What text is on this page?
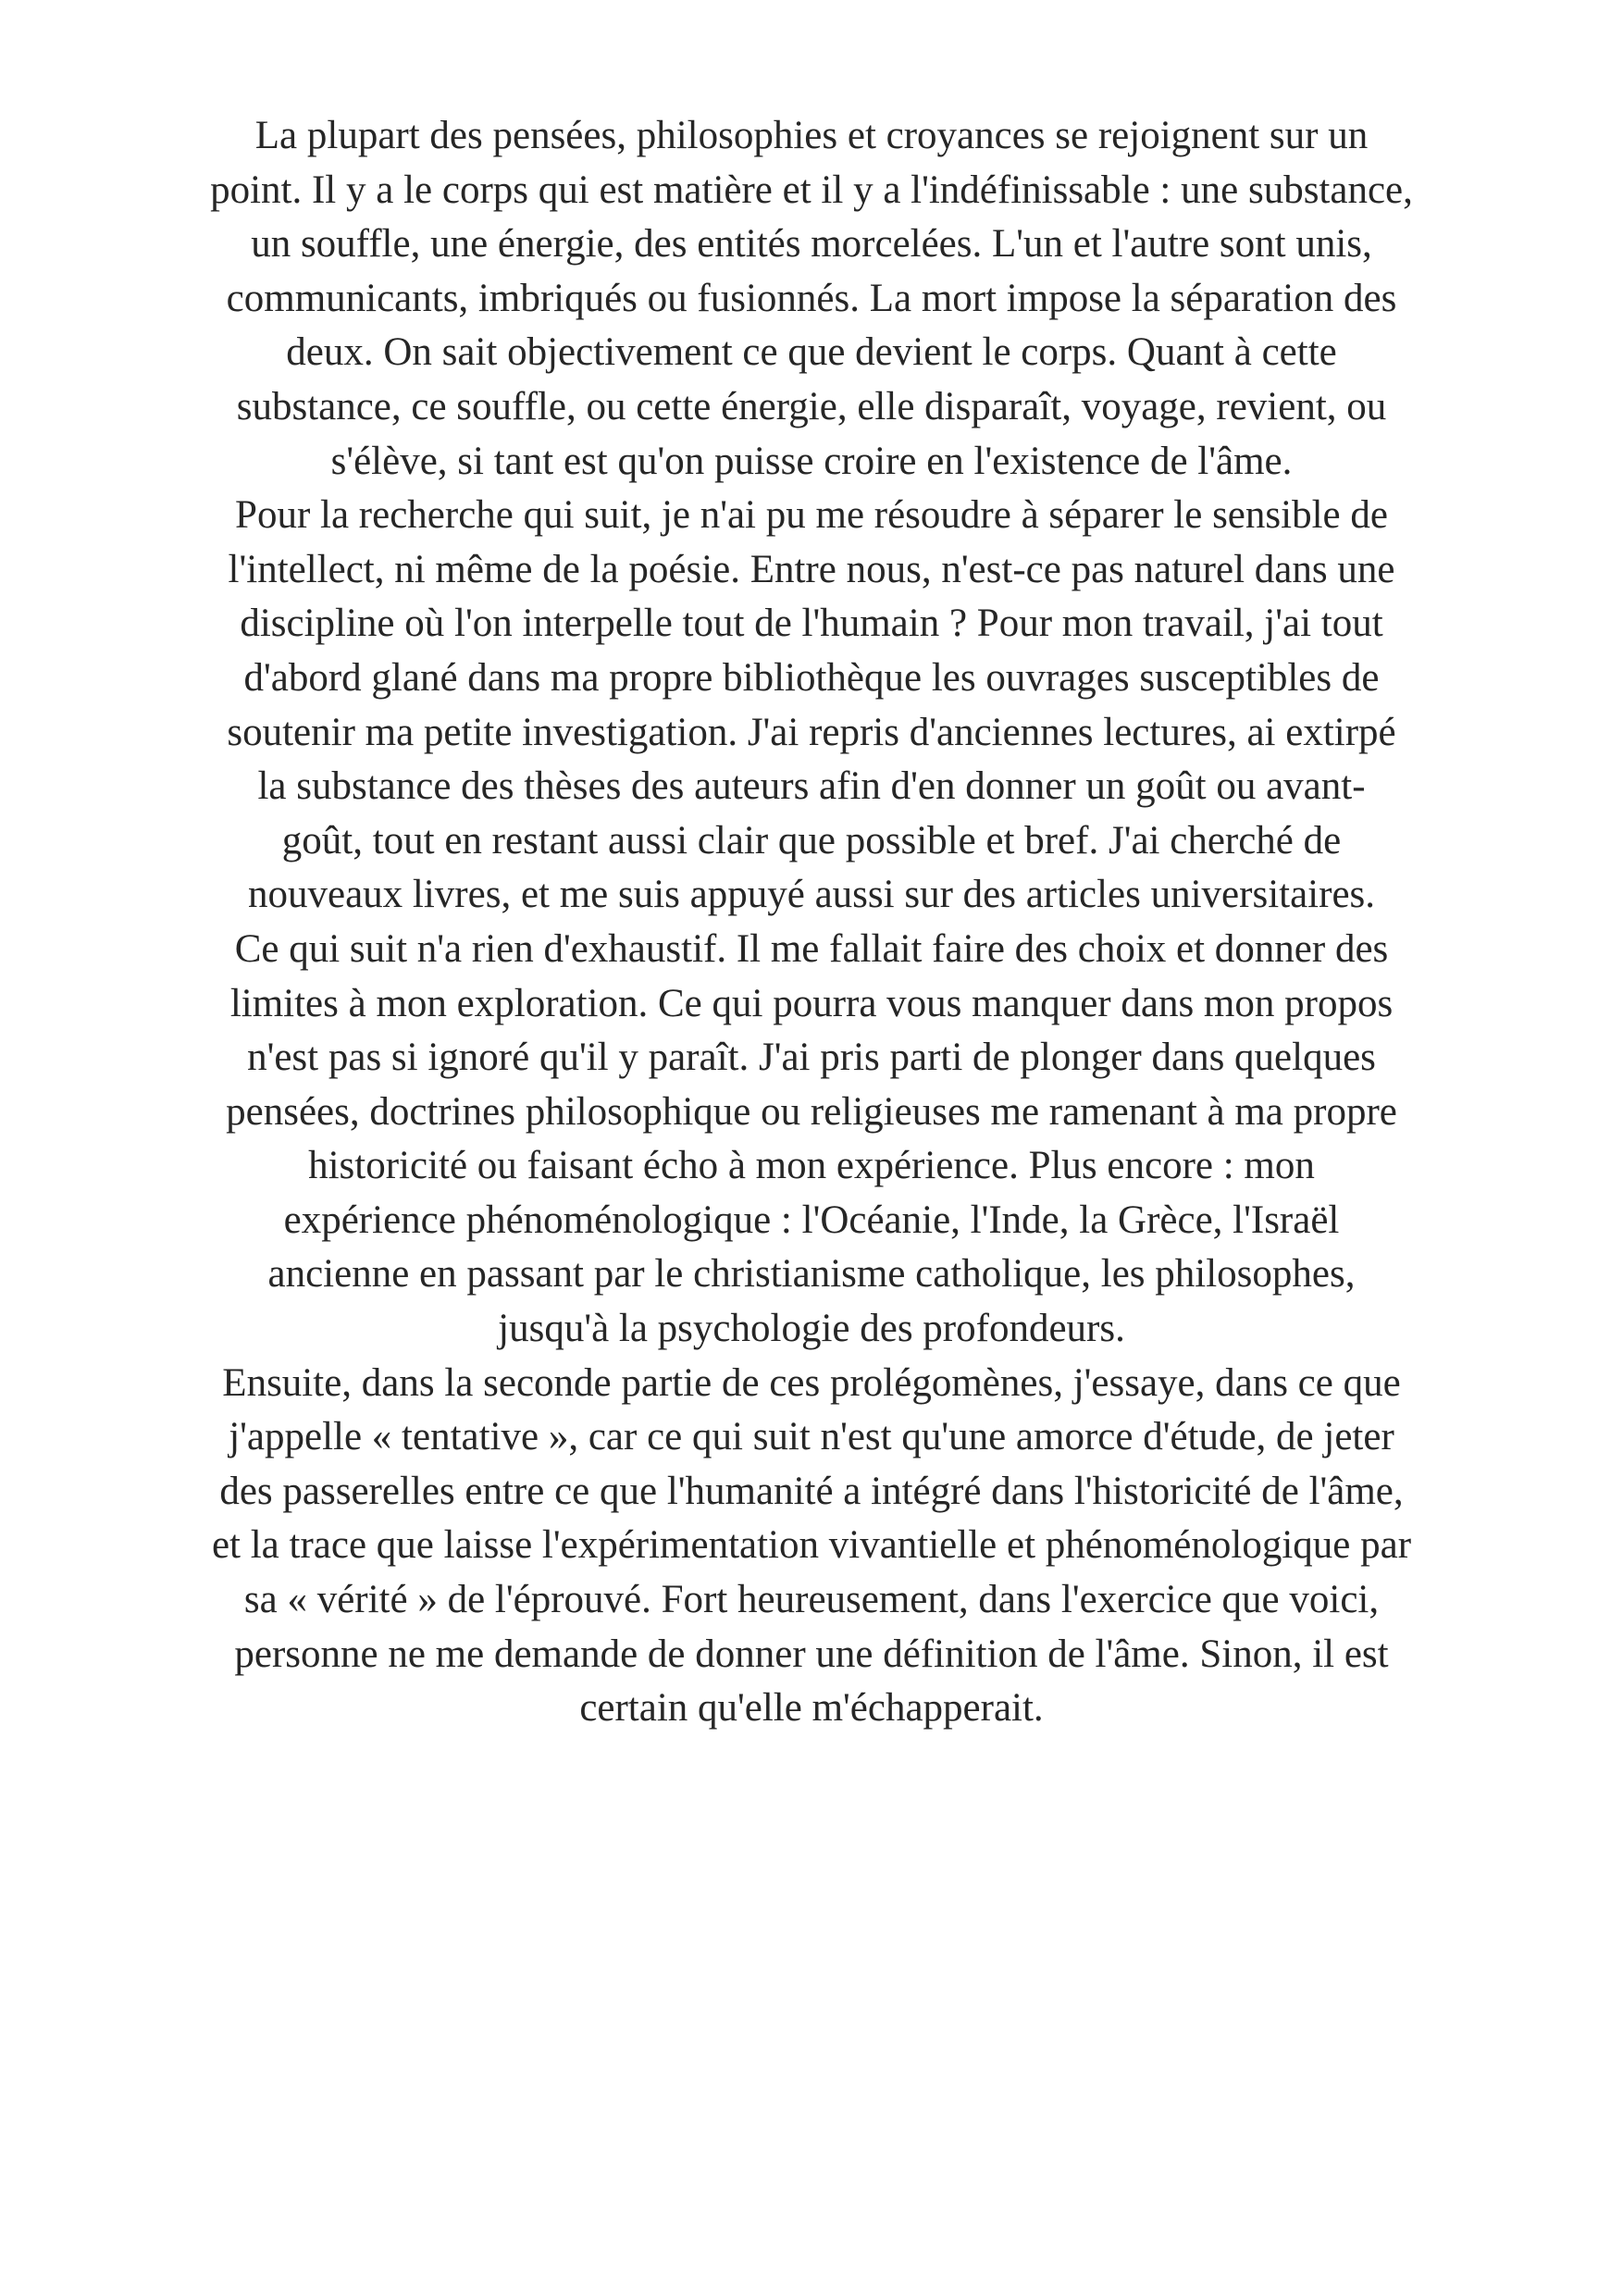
La plupart des pensées, philosophies et croyances se rejoignent sur un
point. Il y a le corps qui est matière et il y a l'indéfinissable : une substance,
un souffle, une énergie, des entités morcelées. L'un et l'autre sont unis,
communicants, imbriqués ou fusionnés. La mort impose la séparation des
deux. On sait objectivement ce que devient le corps. Quant à cette
substance, ce souffle, ou cette énergie, elle disparaît, voyage, revient, ou
s'élève, si tant est qu'on puisse croire en l'existence de l'âme.
Pour la recherche qui suit, je n'ai pu me résoudre à séparer le sensible de
l'intellect, ni même de la poésie. Entre nous, n'est-ce pas naturel dans une
discipline où l'on interpelle tout de l'humain ? Pour mon travail, j'ai tout
d'abord glané dans ma propre bibliothèque les ouvrages susceptibles de
soutenir ma petite investigation. J'ai repris d'anciennes lectures, ai extirpé
la substance des thèses des auteurs afin d'en donner un goût ou avant-
goût, tout en restant aussi clair que possible et bref. J'ai cherché de
nouveaux livres, et me suis appuyé aussi sur des articles universitaires.
Ce qui suit n'a rien d'exhaustif. Il me fallait faire des choix et donner des
limites à mon exploration. Ce qui pourra vous manquer dans mon propos
n'est pas si ignoré qu'il y paraît. J'ai pris parti de plonger dans quelques
pensées, doctrines philosophique ou religieuses me ramenant à ma propre
historicité ou faisant écho à mon expérience. Plus encore : mon
expérience phénoménologique : l'Océanie, l'Inde, la Grèce, l'Israël
ancienne en passant par le christianisme catholique, les philosophes,
jusqu'à la psychologie des profondeurs.
Ensuite, dans la seconde partie de ces prolégomènes, j'essaye, dans ce que
j'appelle « tentative », car ce qui suit n'est qu'une amorce d'étude, de jeter
des passerelles entre ce que l'humanité a intégré dans l'historicité de l'âme,
et la trace que laisse l'expérimentation vivantielle et phénoménologique par
sa « vérité » de l'éprouvé. Fort heureusement, dans l'exercice que voici,
personne ne me demande de donner une définition de l'âme. Sinon, il est
certain qu'elle m'échapperait.
